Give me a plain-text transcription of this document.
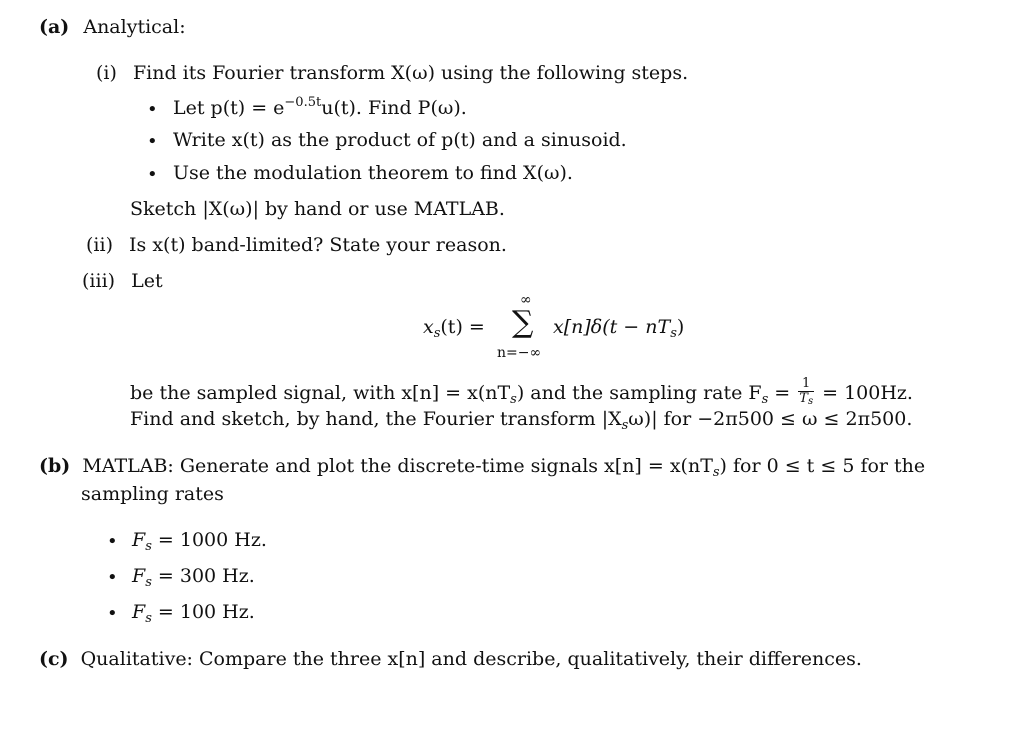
(a) Analytical:
(i) Find its Fourier transform X(ω) using the following steps.
• Let $p(t) = e^{-0.5t}u(t)$. Find P(ω).
• Write x(t) as the product of p(t) and a sinusoid.
• Use the modulation theorem to find X(ω).
Sketch |X(ω)| by hand or use MATLAB.
(ii) Is x(t) band-limited? State your reason.
(iii) Let
$x_s(t)$ =
∞
∑
n=−∞
$x[n]\delta(t - nT_s)$
be the sampled signal, with $x[n] = x(nT_s)$ and the sampling rate $F_s = \frac{1}{T_s} = 100Hz$.
Find and sketch, by hand, the Fourier transform $|X_s\omega)|$ for −2π500 ≤ ω ≤ 2π500.
(b) MATLAB: Generate and plot the discrete-time signals $x[n] = x(nT_s)$ for 0 ≤ t ≤ 5 for the
sampling rates
• $F_s = 1000$ Hz.
• $F_s = 300$ Hz.
• $F_s = 100$ Hz.
(c) Qualitative: Compare the three x[n] and describe, qualitatively, their differences.
